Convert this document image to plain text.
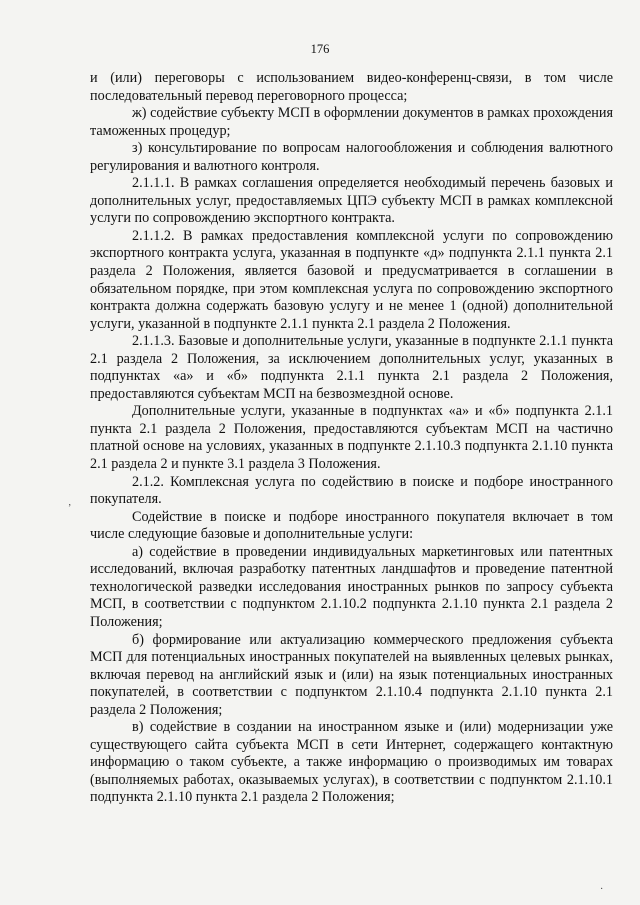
176

и (или) переговоры с использованием видео-конференц-связи, в том числе последовательный перевод переговорного процесса;

ж) содействие субъекту МСП в оформлении документов в рамках прохождения таможенных процедур;

з) консультирование по вопросам налогообложения и соблюдения валютного регулирования и валютного контроля.

2.1.1.1. В рамках соглашения определяется необходимый перечень базовых и дополнительных услуг, предоставляемых ЦПЭ субъекту МСП в рамках комплексной услуги по сопровождению экспортного контракта.

2.1.1.2. В рамках предоставления комплексной услуги по сопровождению экспортного контракта услуга, указанная в подпункте «д» подпункта 2.1.1 пункта 2.1 раздела 2 Положения, является базовой и предусматривается в соглашении в обязательном порядке, при этом комплексная услуга по сопровождению экспортного контракта должна содержать базовую услугу и не менее 1 (одной) дополнительной услуги, указанной в подпункте 2.1.1 пункта 2.1 раздела 2 Положения.

2.1.1.3. Базовые и дополнительные услуги, указанные в подпункте 2.1.1 пункта 2.1 раздела 2 Положения, за исключением дополнительных услуг, указанных в подпунктах «а» и «б» подпункта 2.1.1 пункта 2.1 раздела 2 Положения, предоставляются субъектам МСП на безвозмездной основе.

Дополнительные услуги, указанные в подпунктах «а» и «б» подпункта 2.1.1 пункта 2.1 раздела 2 Положения, предоставляются субъектам МСП на частично платной основе на условиях, указанных в подпункте 2.1.10.3 подпункта 2.1.10 пункта 2.1 раздела 2 и пункте 3.1 раздела 3 Положения.

2.1.2. Комплексная услуга по содействию в поиске и подборе иностранного покупателя.

Содействие в поиске и подборе иностранного покупателя включает в том числе следующие базовые и дополнительные услуги:

а) содействие в проведении индивидуальных маркетинговых или патентных исследований, включая разработку патентных ландшафтов и проведение патентной технологической разведки исследования иностранных рынков по запросу субъекта МСП, в соответствии с подпунктом 2.1.10.2 подпункта 2.1.10 пункта 2.1 раздела 2 Положения;

б) формирование или актуализацию коммерческого предложения субъекта МСП для потенциальных иностранных покупателей на выявленных целевых рынках, включая перевод на английский язык и (или) на язык потенциальных иностранных покупателей, в соответствии с подпунктом 2.1.10.4 подпункта 2.1.10 пункта 2.1 раздела 2 Положения;

в) содействие в создании на иностранном языке и (или) модернизации уже существующего сайта субъекта МСП в сети Интернет, содержащего контактную информацию о таком субъекте, а также информацию о производимых им товарах (выполняемых работах, оказываемых услугах), в соответствии с подпунктом 2.1.10.1 подпункта 2.1.10 пункта 2.1 раздела 2 Положения;

ʼ
·
